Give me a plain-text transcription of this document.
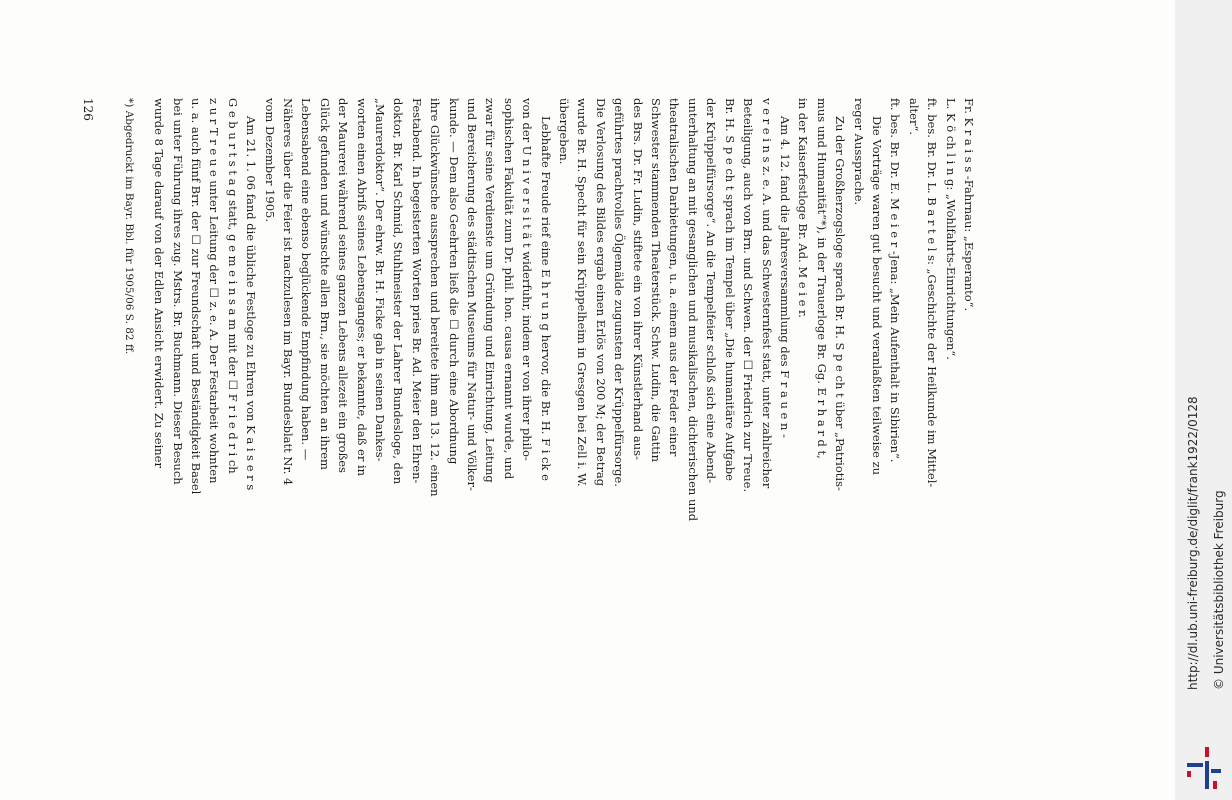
Fr. K r a i s s -Fahrnau: „Esperanto“.
L. K ö ch l i n g: „Wohlfahrts-Einrichtungen“.
ft. bes. Br. Dr. L. B a r t e l s: „Geschichte der Heilkunde im Mittel-
alter“.
ft. bes. Br. Dr. E. M e i e r -Jena: „Mein Aufenthalt in Sibirien“.
Die Vorträge waren gut besucht und veranlaßten teilweise zu
reger Aussprache.
Zu der Großherzogsloge sprach Br. H. S p e ch t über „Patriotis-
mus und Humanität“*), in der Trauerloge Br. Gg. E r h a r d t,
in der Kaiserfestloge Br. Ad. M e i e r.
Am 4. 12. fand die Jahresversammlung des F r a u e n -
v e r e i n s z. e. A. und das Schwesternfest statt, unter zahlreicher
Beteiligung, auch von Brn. und Schwen. der ☐ Friedrich zur Treue.
Br. H. S p e ch t sprach im Tempel über „Die humanitäre Aufgabe
der Krüppelfürsorge“. An die Tempelfeier schloß sich eine Abend-
unterhaltung an mit gesanglichen und musikalischen, dichterischen und
theatralischen Darbietungen, u. a. einem aus der Feder einer
Schwester stammenden Theaterstück. Schw. Ludin, die Gattin
des Brs. Dr. Fr. Ludin, stiftete ein von ihrer Künstlerhand aus-
geführtes prachtvolles Ölgemälde zugunsten der Krüppelfürsorge.
Die Verlosung des Bildes ergab einen Erlös von 200 M; der Betrag
wurde Br. H. Specht für sein Krüppelheim in Gresgen bei Zell i. W.
übergeben.
Lebhafte Freude rief eine E h r u n g hervor, die Br. H. F i ck e
von der U n i v e r s i t ä t widerfuhr, indem er von ihrer philo-
sophischen Fakultät zum Dr. phil. hon. causa ernannt wurde, und
zwar für seine Verdienste um Gründung und Einrichtung, Leitung
und Bereicherung des städtischen Museums für Natur- und Völker-
kunde. — Dem also Geehrten ließ die ☐ durch eine Abordnung
ihre Glückwünsche aussprechen und bereitete ihm am 13. 12. einen
Festabend. In begeisterten Worten pries Br. Ad. Meier den Ehren-
doktor, Br. Karl Schmid, Stuhlmeister der Lahrer Bundesloge, den
„Maurerdoktor“. Der ehrw. Br. H. Ficke gab in seinen Dankes-
worten einen Abriß seines Lebensganges; er bekannte, daß er in
der Maurerei während seines ganzen Lebens allezeit ein großes
Glück gefunden und wünschte allen Brn., sie möchten an ihrem
Lebensabend eine ebenso beglückende Empfindung haben. —
Näheres über die Feier ist nachzulesen im Bayr. Bundesblatt Nr. 4
vom Dezember 1905.
Am 21. 1. 06 fand die übliche Festloge zu Ehren von K a i s e r s
G e b u r t s t a g statt, g e m e i n s a m mit der ☐ F r i e d r i ch
z u r T r e u e unter Leitung der ☐ z. e. A. Der Festarbeit wohnten
u. a. auch fünf Brr. der ☐ zur Freundschaft und Beständigkeit Basel
bei unter Führung ihres zug. Mstrs. Br. Buchmann. Dieser Besuch
wurde 8 Tage darauf von der Edlen Ansicht erwidert. Zu seiner
*) Abgedruckt im Bayr. Bbl. für 1905/06 S. 82 ff.
126
http://dl.ub.uni-freiburg.de/diglit/frank1922/0128 © Universitätsbibliothek Freiburg
